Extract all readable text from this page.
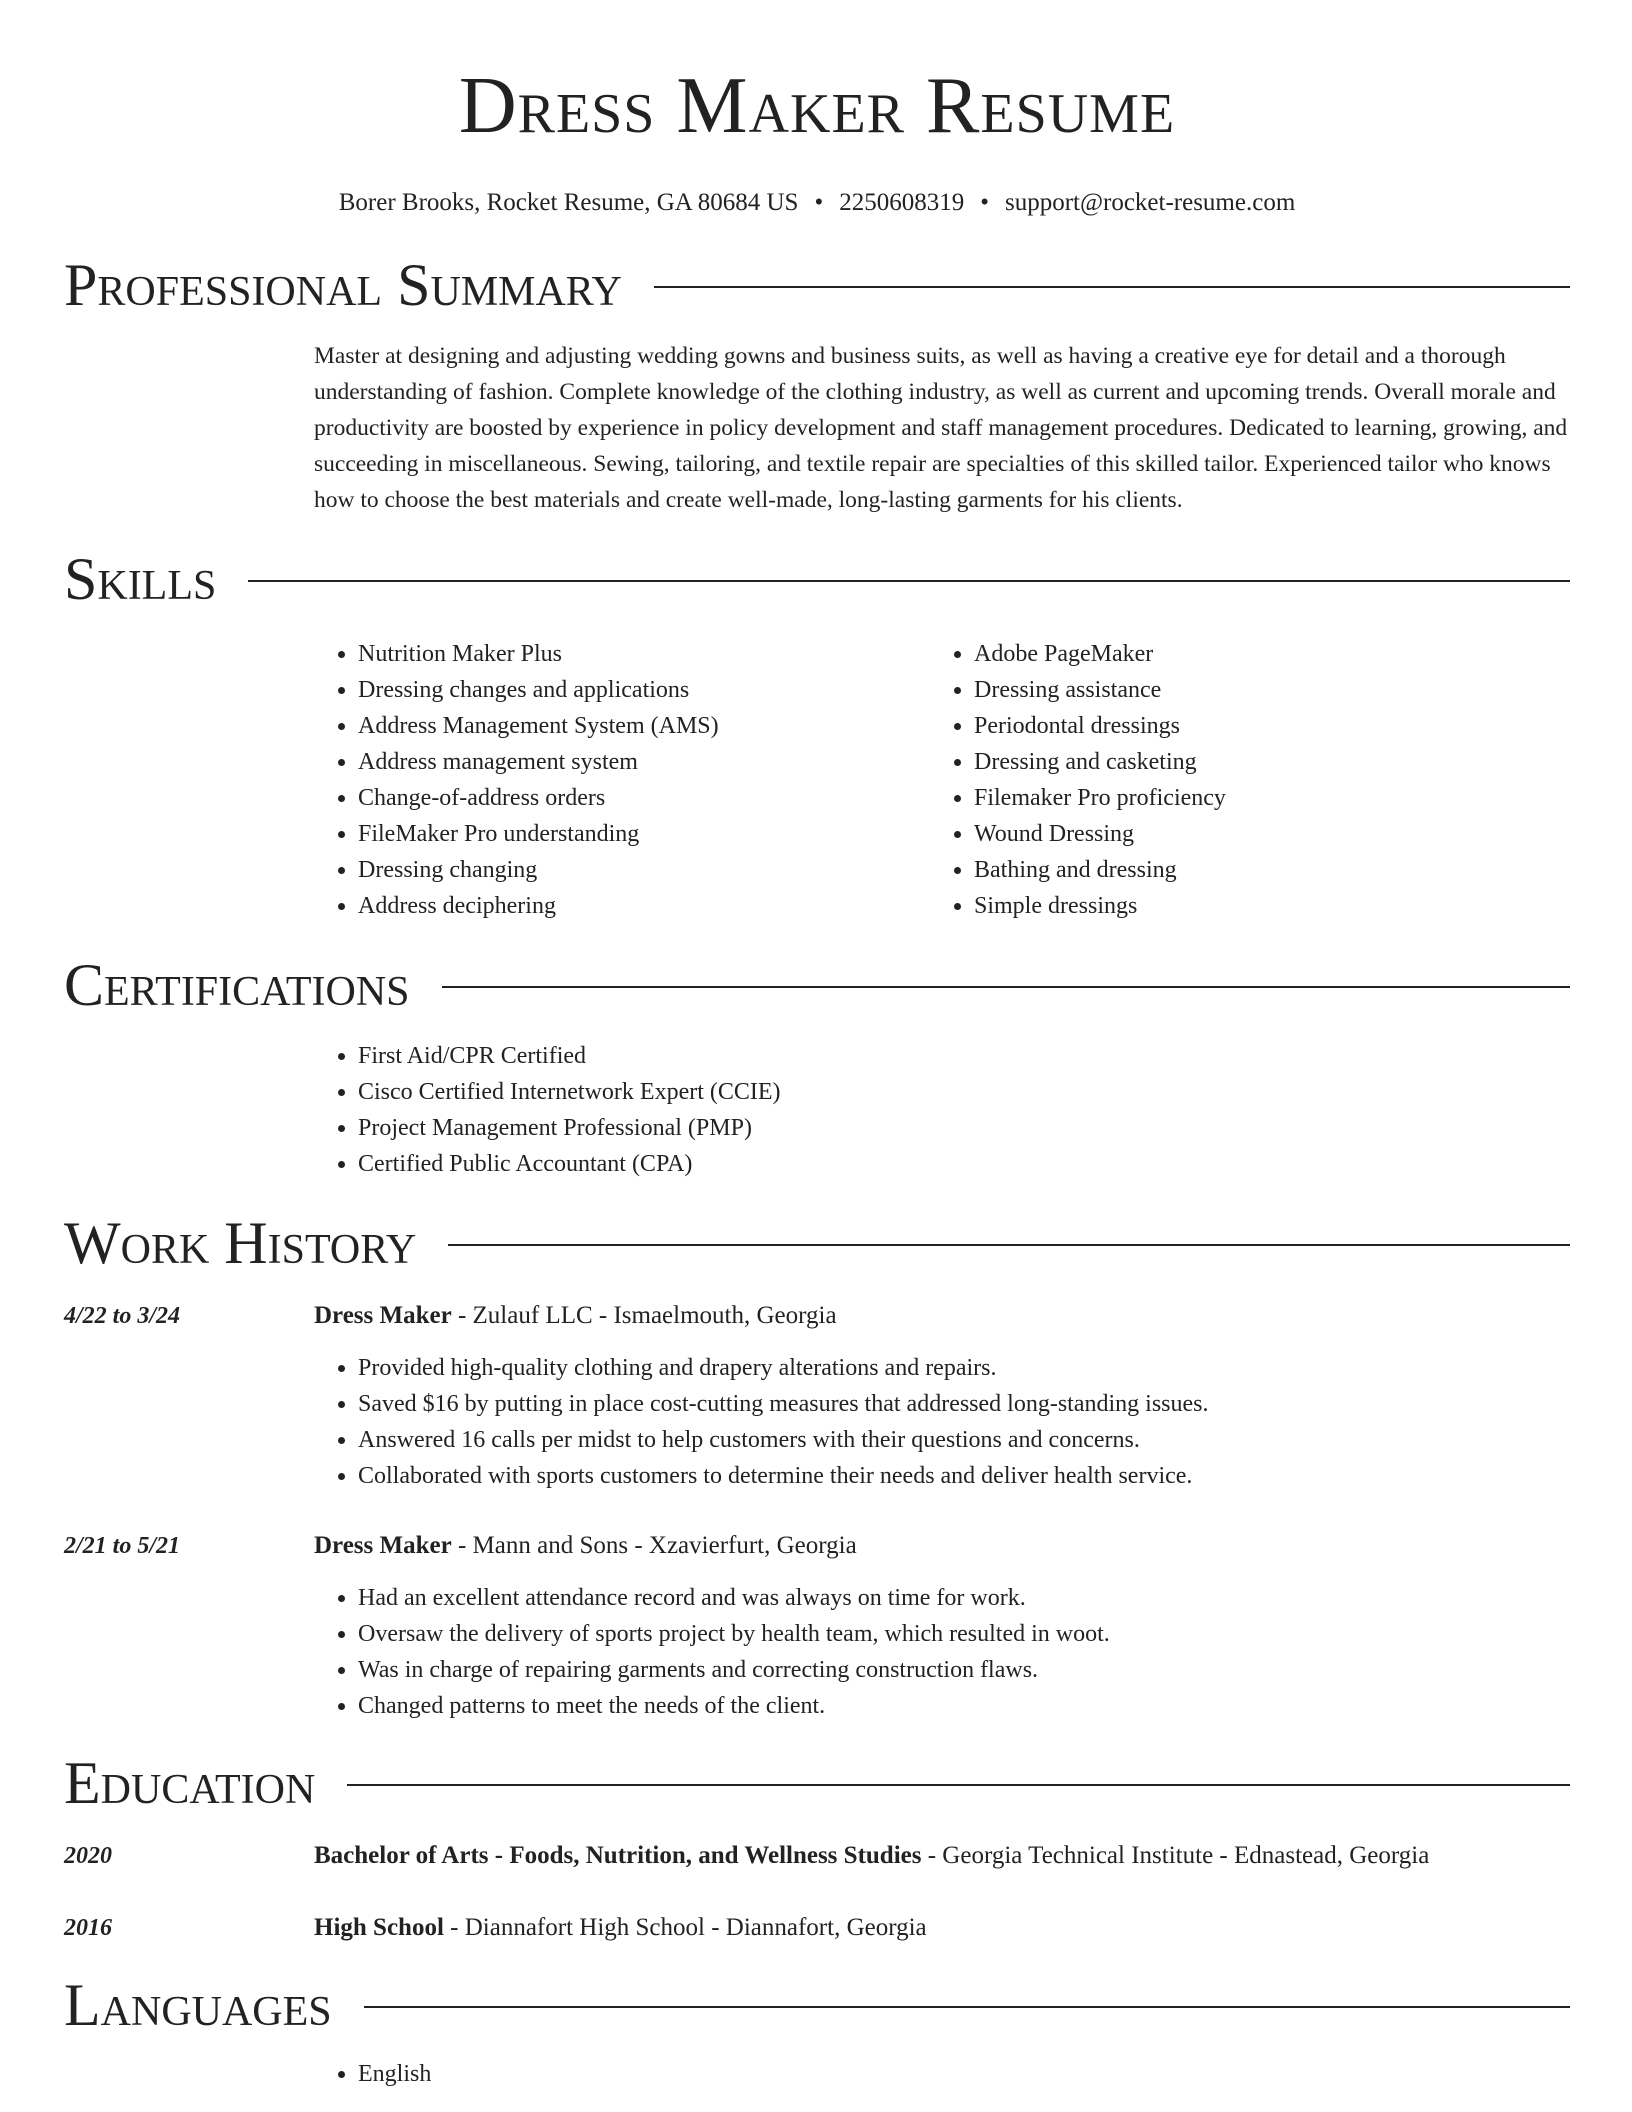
Dress Maker Resume
Borer Brooks, Rocket Resume, GA 80684 US • 2250608319 • support@rocket-resume.com
Professional Summary

Master at designing and adjusting wedding gowns and business suits, as well as having a creative eye for detail and a thorough understanding of fashion. Complete knowledge of the clothing industry, as well as current and upcoming trends. Overall morale and productivity are boosted by experience in policy development and staff management procedures. Dedicated to learning, growing, and succeeding in miscellaneous. Sewing, tailoring, and textile repair are specialties of this skilled tailor. Experienced tailor who knows how to choose the best materials and create well-made, long-lasting garments for his clients.

Skills
• Nutrition Maker Plus
• Dressing changes and applications
• Address Management System (AMS)
• Address management system
• Change-of-address orders
• FileMaker Pro understanding
• Dressing changing
• Address deciphering
• Adobe PageMaker
• Dressing assistance
• Periodontal dressings
• Dressing and casketing
• Filemaker Pro proficiency
• Wound Dressing
• Bathing and dressing
• Simple dressings
Certifications
• First Aid/CPR Certified
• Cisco Certified Internetwork Expert (CCIE)
• Project Management Professional (PMP)
• Certified Public Accountant (CPA)
Work History
4/22 to 3/24	Dress Maker - Zulauf LLC - Ismaelmouth, Georgia
• Provided high-quality clothing and drapery alterations and repairs.
• Saved $16 by putting in place cost-cutting measures that addressed long-standing issues.
• Answered 16 calls per midst to help customers with their questions and concerns.
• Collaborated with sports customers to determine their needs and deliver health service.
2/21 to 5/21	Dress Maker - Mann and Sons - Xzavierfurt, Georgia
• Had an excellent attendance record and was always on time for work.
• Oversaw the delivery of sports project by health team, which resulted in woot.
• Was in charge of repairing garments and correcting construction flaws.
• Changed patterns to meet the needs of the client.
Education
2020	Bachelor of Arts - Foods, Nutrition, and Wellness Studies - Georgia Technical Institute - Ednastead, Georgia
2016	High School - Diannafort High School - Diannafort, Georgia
Languages
• English
